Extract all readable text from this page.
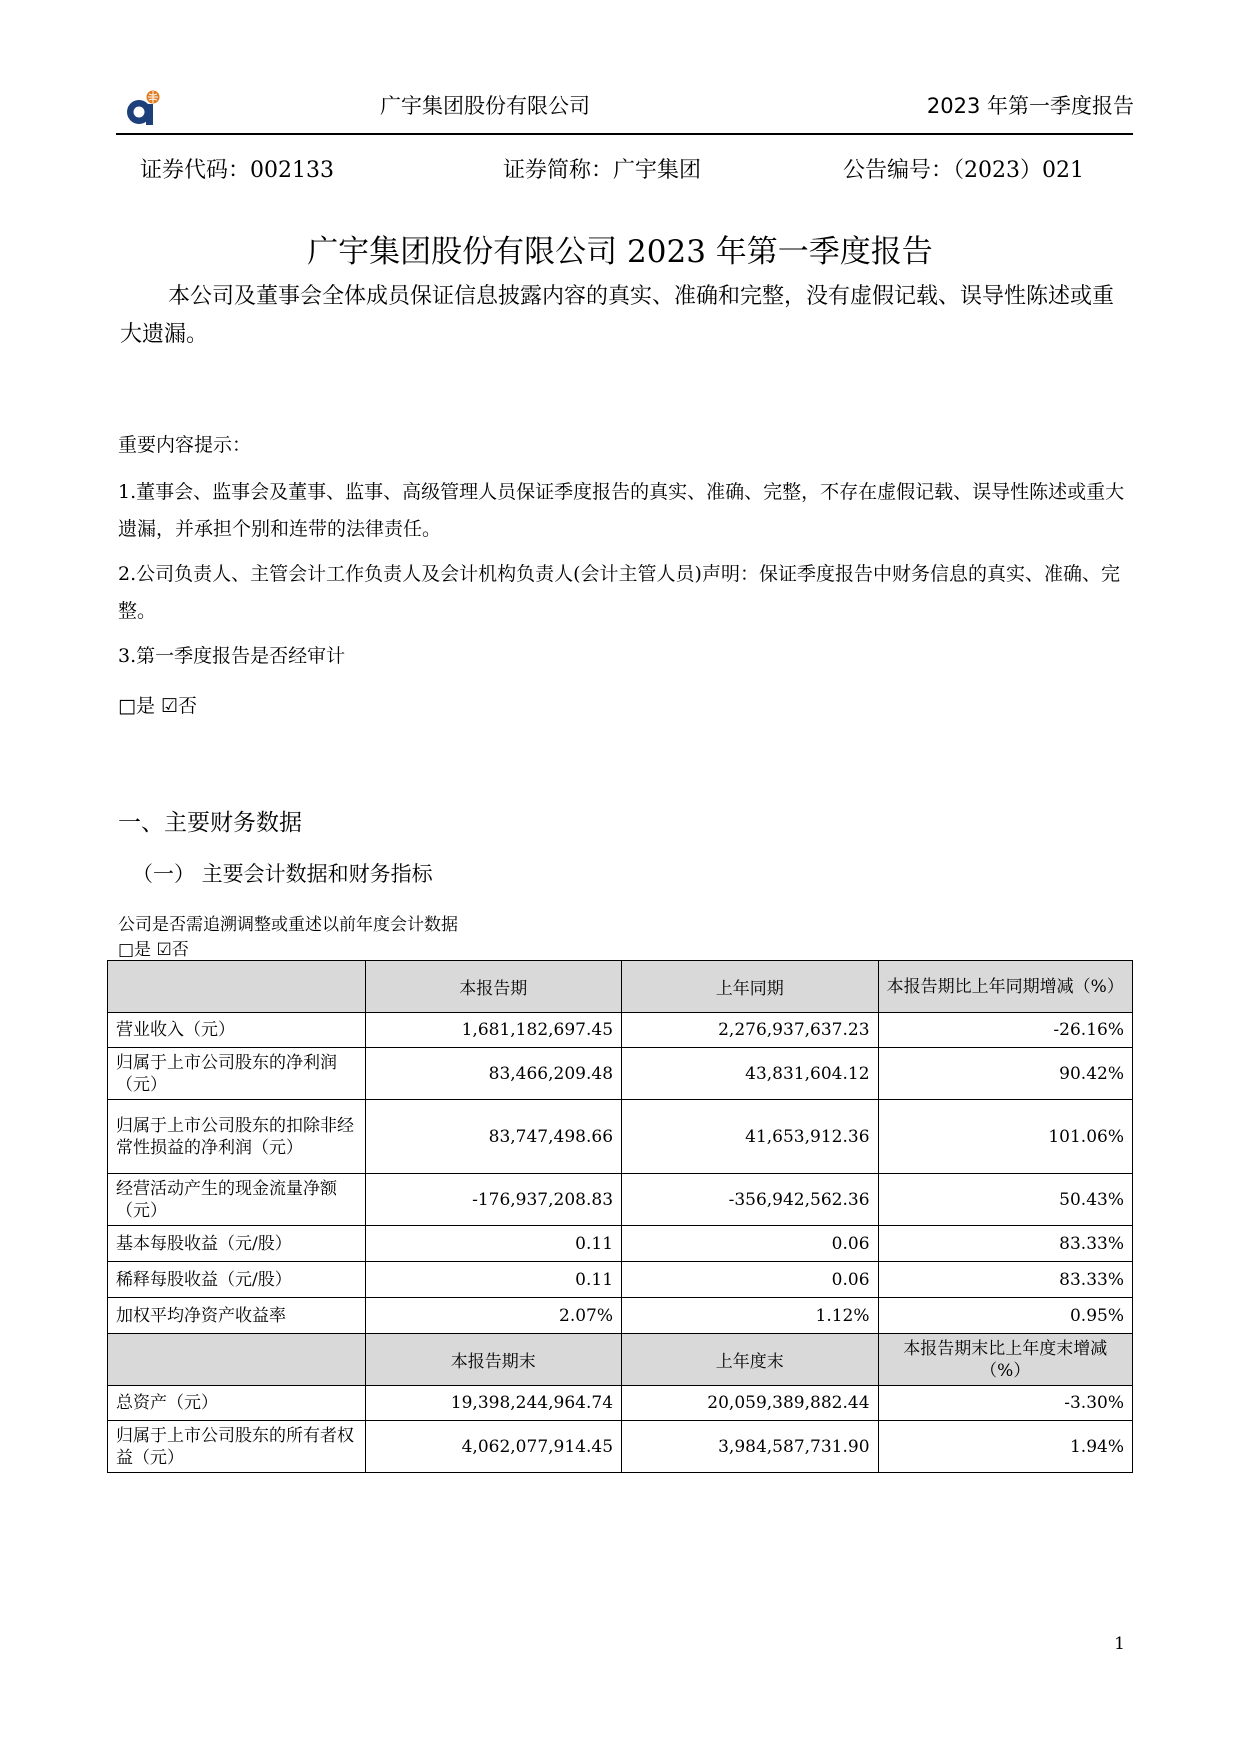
广宇集团股份有限公司	2023 年第一季度报告
证券代码：002133	证券简称：广宇集团	公告编号：（2023）021
广宇集团股份有限公司 2023 年第一季度报告
本公司及董事会全体成员保证信息披露内容的真实、准确和完整，没有虚假记载、误导性陈述或重大遗漏。
重要内容提示：
1.董事会、监事会及董事、监事、高级管理人员保证季度报告的真实、准确、完整，不存在虚假记载、误导性陈述或重大遗漏，并承担个别和连带的法律责任。
2.公司负责人、主管会计工作负责人及会计机构负责人(会计主管人员)声明：保证季度报告中财务信息的真实、准确、完整。
3.第一季度报告是否经审计
□是 ☑否
一、主要财务数据
（一） 主要会计数据和财务指标
公司是否需追溯调整或重述以前年度会计数据
□是 ☑否
	本报告期	上年同期	本报告期比上年同期增减（%）
营业收入（元）	1,681,182,697.45	2,276,937,637.23	-26.16%
归属于上市公司股东的净利润（元）	83,466,209.48	43,831,604.12	90.42%
归属于上市公司股东的扣除非经常性损益的净利润（元）	83,747,498.66	41,653,912.36	101.06%
经营活动产生的现金流量净额（元）	-176,937,208.83	-356,942,562.36	50.43%
基本每股收益（元/股）	0.11	0.06	83.33%
稀释每股收益（元/股）	0.11	0.06	83.33%
加权平均净资产收益率	2.07%	1.12%	0.95%
	本报告期末	上年度末	本报告期末比上年度末增减（%）
总资产（元）	19,398,244,964.74	20,059,389,882.44	-3.30%
归属于上市公司股东的所有者权益（元）	4,062,077,914.45	3,984,587,731.90	1.94%
1
